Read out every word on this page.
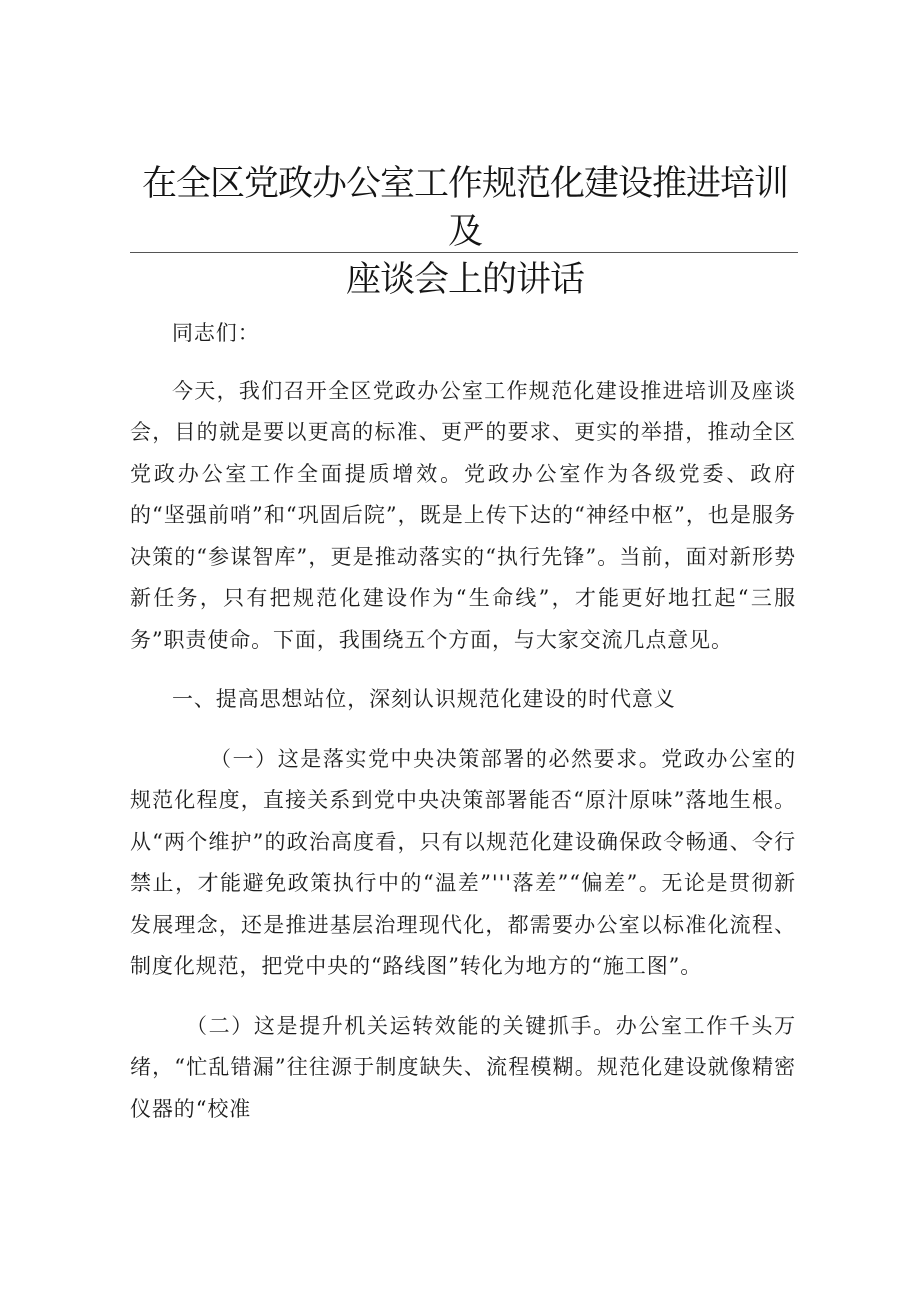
在全区党政办公室工作规范化建设推进培训及
座谈会上的讲话

同志们：

今天，我们召开全区党政办公室工作规范化建设推进培训及座谈会，目的就是要以更高的标准、更严的要求、更实的举措，推动全区党政办公室工作全面提质增效。党政办公室作为各级党委、政府的“坚强前哨”和“巩固后院”，既是上传下达的“神经中枢”，也是服务决策的“参谋智库”，更是推动落实的“执行先锋”。当前，面对新形势新任务，只有把规范化建设作为“生命线”，才能更好地扛起“三服务”职责使命。下面，我围绕五个方面，与大家交流几点意见。

一、提高思想站位，深刻认识规范化建设的时代意义

（一）这是落实党中央决策部署的必然要求。党政办公室的规范化程度，直接关系到党中央决策部署能否“原汁原味”落地生根。从“两个维护”的政治高度看，只有以规范化建设确保政令畅通、令行禁止，才能避免政策执行中的“温差”'''落差”“偏差”。无论是贯彻新发展理念，还是推进基层治理现代化，都需要办公室以标准化流程、制度化规范，把党中央的“路线图”转化为地方的“施工图”。

（二）这是提升机关运转效能的关键抓手。办公室工作千头万绪，“忙乱错漏”往往源于制度缺失、流程模糊。规范化建设就像精密仪器的“校准
